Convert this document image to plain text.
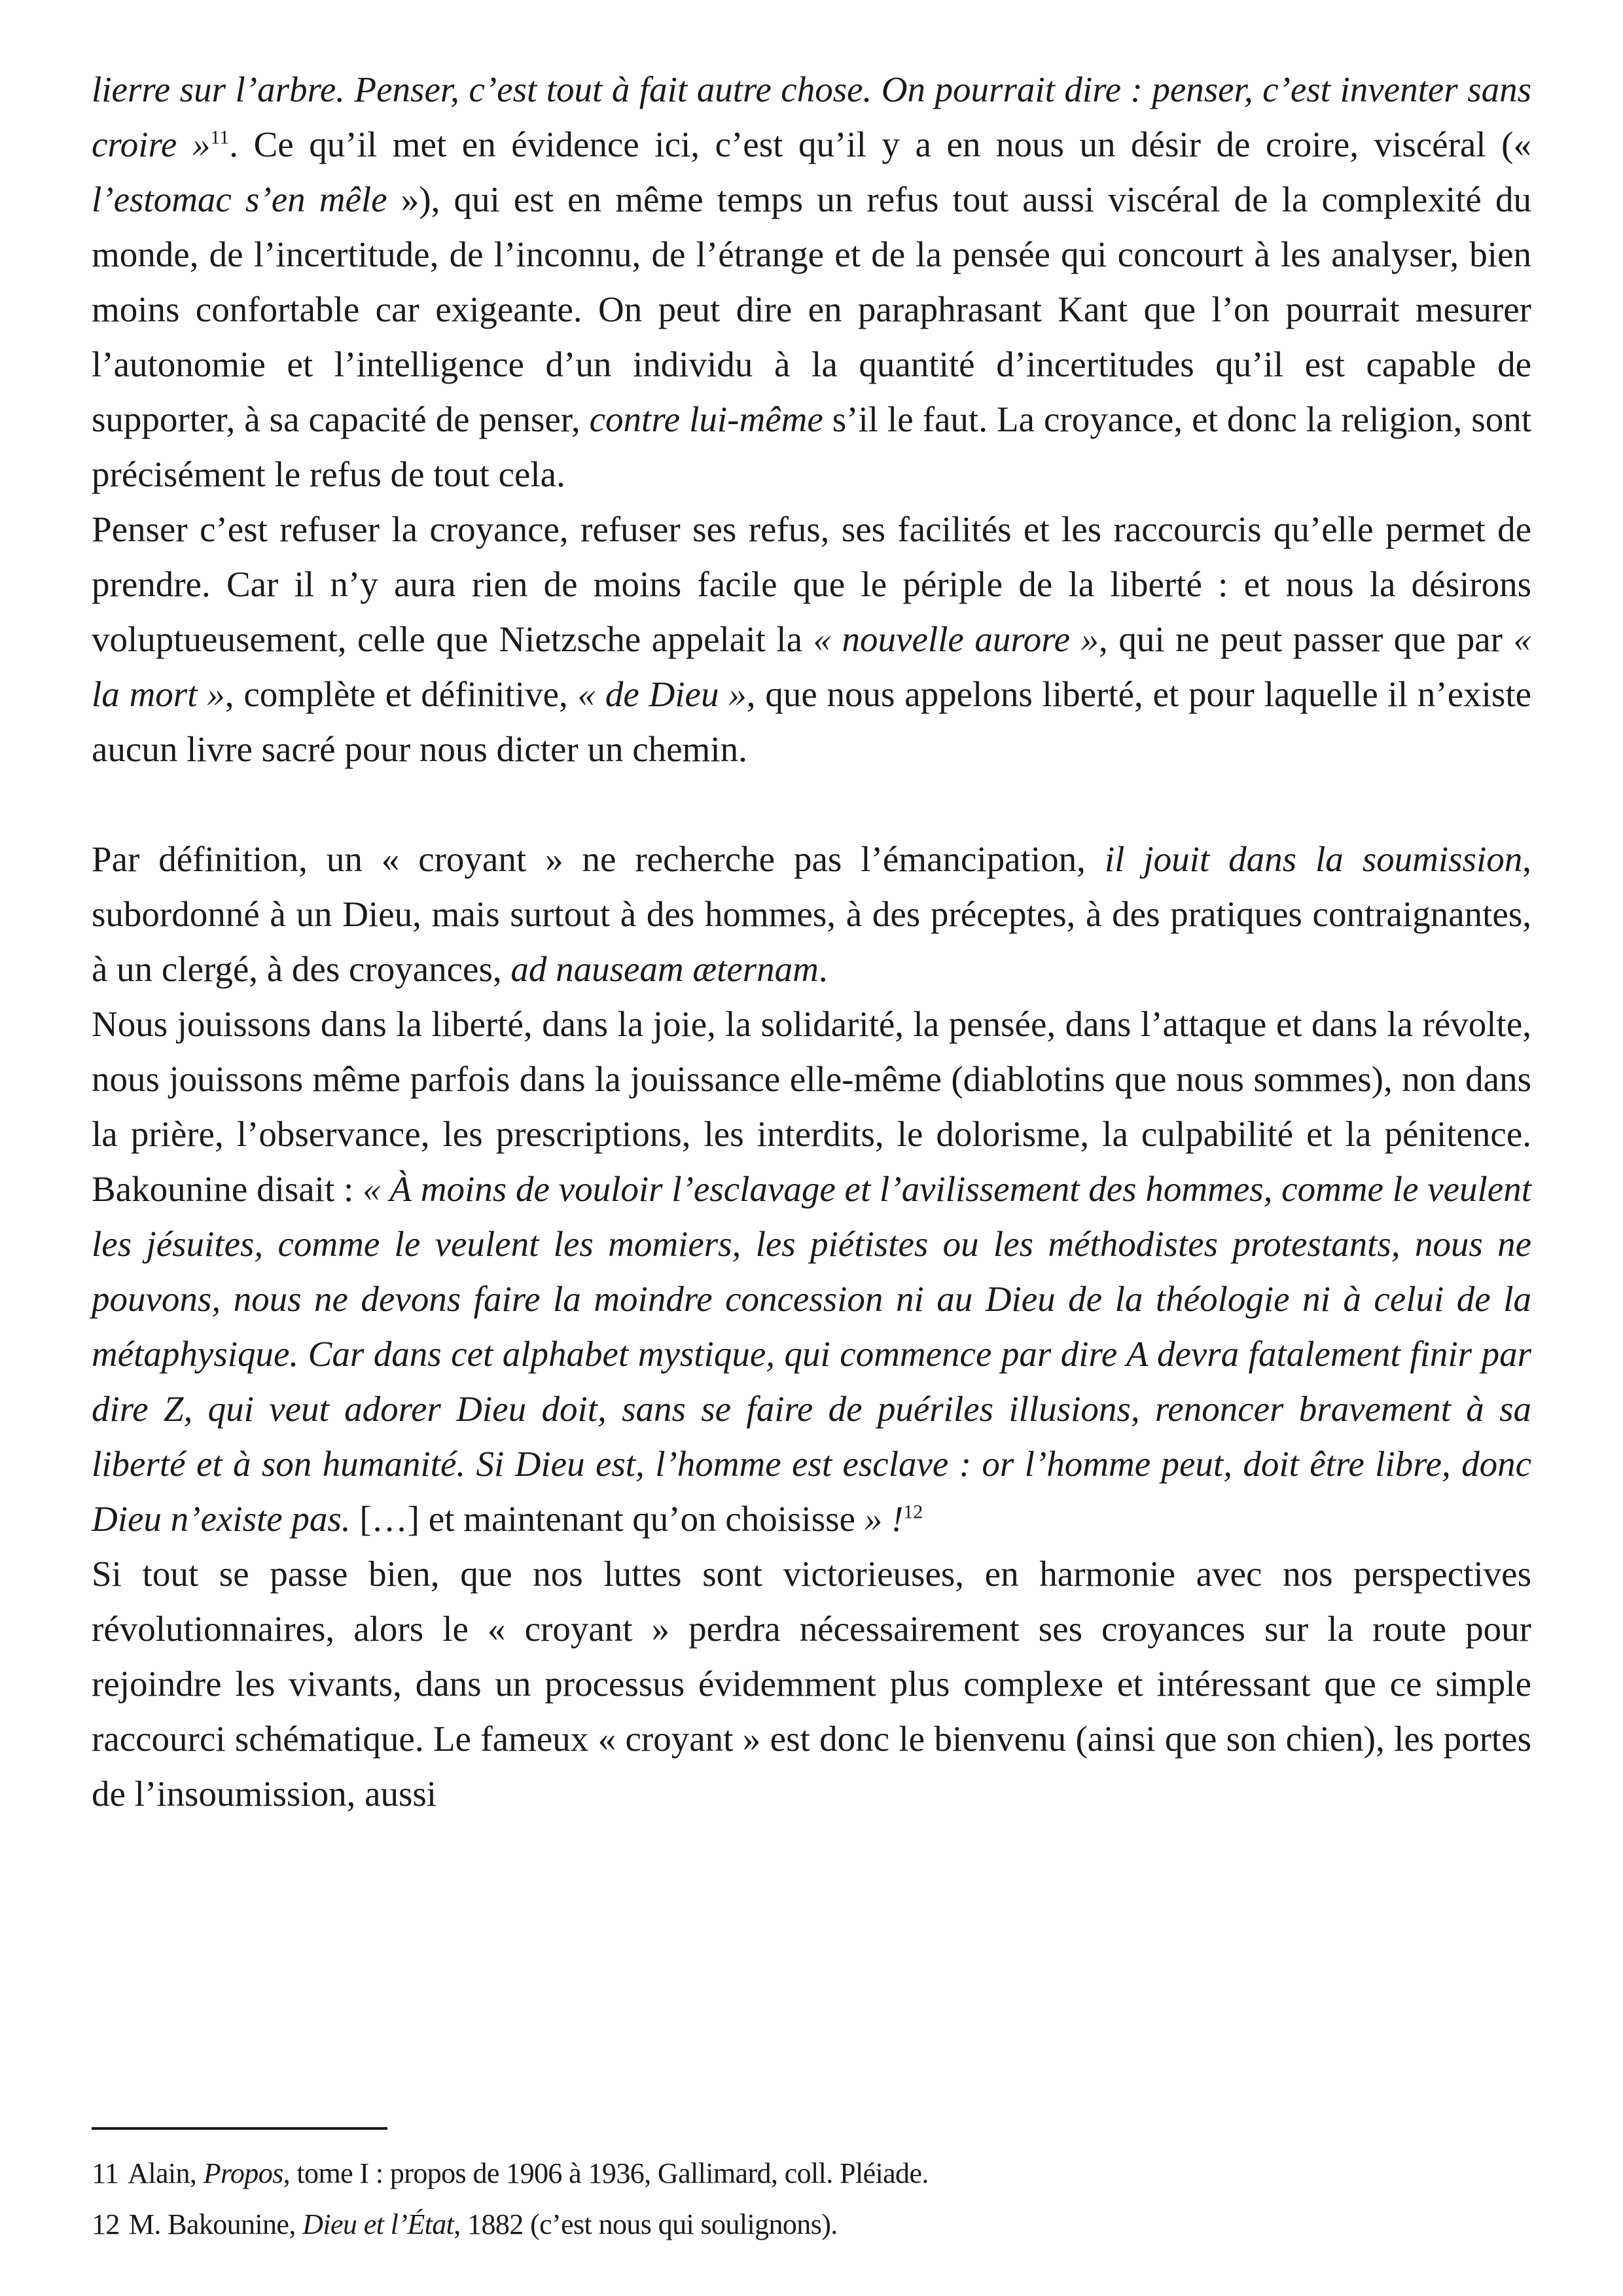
lierre sur l’arbre. Penser, c’est tout à fait autre chose. On pourrait dire : penser, c’est inventer sans croire »$^{11}$. Ce qu’il met en évidence ici, c’est qu’il y a en nous un désir de croire, viscéral (« l’estomac s’en mêle »), qui est en même temps un refus tout aussi viscéral de la complexité du monde, de l’incertitude, de l’inconnu, de l’étrange et de la pensée qui concourt à les analyser, bien moins confortable car exigeante. On peut dire en paraphrasant Kant que l’on pourrait mesurer l’autonomie et l’intelligence d’un individu à la quantité d’incertitudes qu’il est capable de supporter, à sa capacité de penser, contre lui-même s’il le faut. La croyance, et donc la religion, sont précisément le refus de tout cela.

Penser c’est refuser la croyance, refuser ses refus, ses facilités et les raccourcis qu’elle permet de prendre. Car il n’y aura rien de moins facile que le périple de la liberté : et nous la désirons voluptueusement, celle que Nietzsche appelait la « nouvelle aurore », qui ne peut passer que par « la mort », complète et définitive, « de Dieu », que nous appelons liberté, et pour laquelle il n’existe aucun livre sacré pour nous dicter un chemin.

Par définition, un « croyant » ne recherche pas l’émancipation, il jouit dans la soumission, subordonné à un Dieu, mais surtout à des hommes, à des préceptes, à des pratiques contraignantes, à un clergé, à des croyances, ad nauseam æternam.

Nous jouissons dans la liberté, dans la joie, la solidarité, la pensée, dans l’attaque et dans la révolte, nous jouissons même parfois dans la jouissance elle-même (diablotins que nous sommes), non dans la prière, l’observance, les prescriptions, les interdits, le dolorisme, la culpabilité et la pénitence. Bakounine disait : « À moins de vouloir l’esclavage et l’avilissement des hommes, comme le veulent les jésuites, comme le veulent les momiers, les piétistes ou les méthodistes protestants, nous ne pouvons, nous ne devons faire la moindre concession ni au Dieu de la théologie ni à celui de la métaphysique. Car dans cet alphabet mystique, qui commence par dire A devra fatalement finir par dire Z, qui veut adorer Dieu doit, sans se faire de puériles illusions, renoncer bravement à sa liberté et à son humanité. Si Dieu est, l’homme est esclave : or l’homme peut, doit être libre, donc Dieu n’existe pas. […] et maintenant qu’on choisisse » !$^{12}$

Si tout se passe bien, que nos luttes sont victorieuses, en harmonie avec nos perspectives révolutionnaires, alors le « croyant » perdra nécessairement ses croyances sur la route pour rejoindre les vivants, dans un processus évidemment plus complexe et intéressant que ce simple raccourci schématique. Le fameux « croyant » est donc le bienvenu (ainsi que son chien), les portes de l’insoumission, aussi

11 Alain, Propos, tome I : propos de 1906 à 1936, Gallimard, coll. Pléiade.

12 M. Bakounine, Dieu et l’État, 1882 (c’est nous qui soulignons).
